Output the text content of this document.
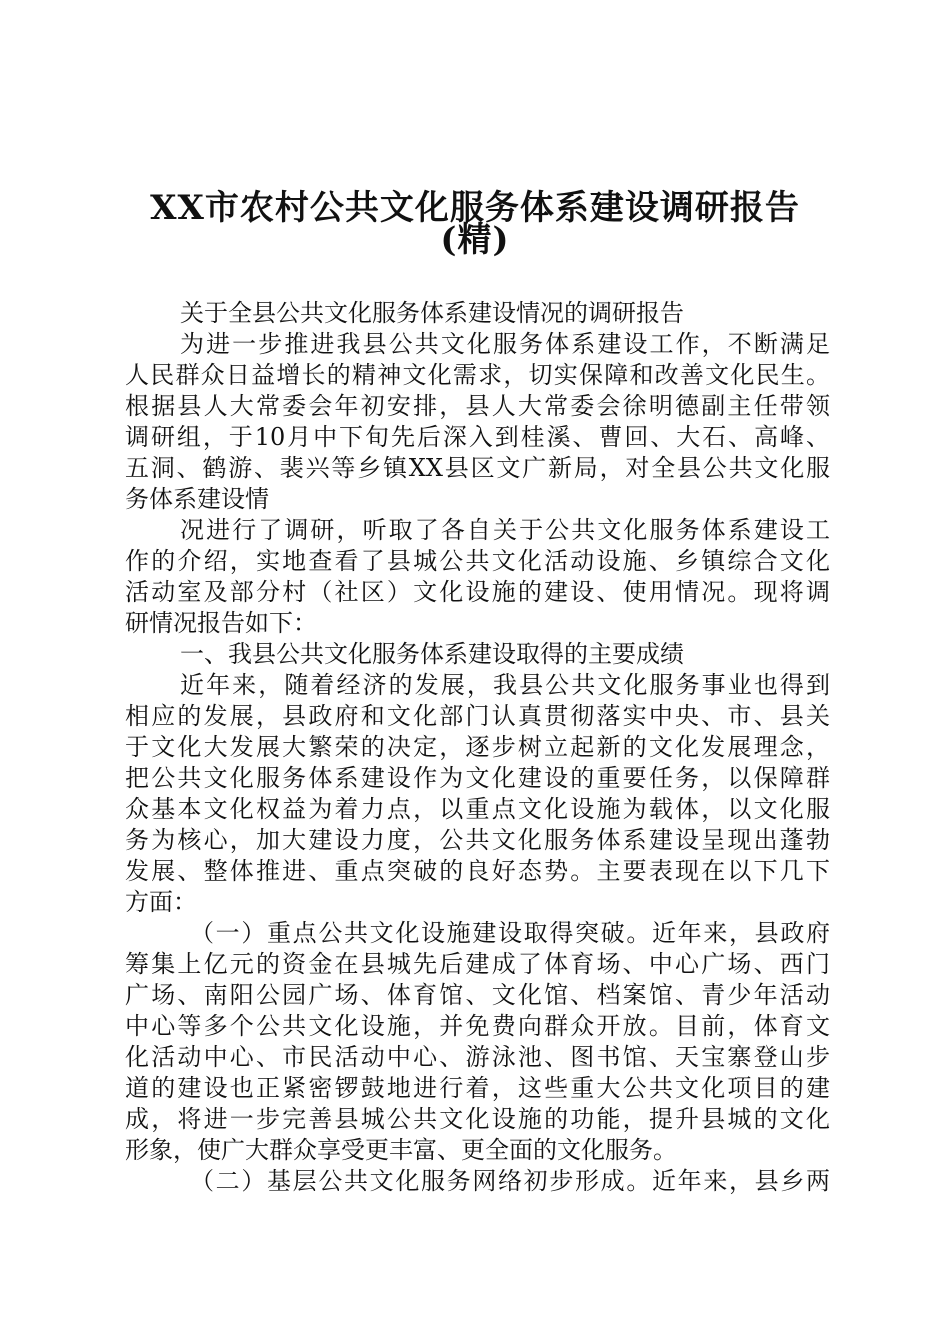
XX市农村公共文化服务体系建设调研报告
(精)
关于全县公共文化服务体系建设情况的调研报告
为进一步推进我县公共文化服务体系建设工作，不断满足
人民群众日益增长的精神文化需求，切实保障和改善文化民生。
根据县人大常委会年初安排，县人大常委会徐明德副主任带领
调研组，于10月中下旬先后深入到桂溪、曹回、大石、高峰、
五洞、鹤游、裴兴等乡镇XX县区文广新局，对全县公共文化服
务体系建设情
况进行了调研，听取了各自关于公共文化服务体系建设工
作的介绍，实地查看了县城公共文化活动设施、乡镇综合文化
活动室及部分村（社区）文化设施的建设、使用情况。现将调
研情况报告如下：
一、我县公共文化服务体系建设取得的主要成绩
近年来，随着经济的发展，我县公共文化服务事业也得到
相应的发展，县政府和文化部门认真贯彻落实中央、市、县关
于文化大发展大繁荣的决定，逐步树立起新的文化发展理念，
把公共文化服务体系建设作为文化建设的重要任务，以保障群
众基本文化权益为着力点，以重点文化设施为载体，以文化服
务为核心，加大建设力度，公共文化服务体系建设呈现出蓬勃
发展、整体推进、重点突破的良好态势。主要表现在以下几下
方面：
（一）重点公共文化设施建设取得突破。近年来，县政府
筹集上亿元的资金在县城先后建成了体育场、中心广场、西门
广场、南阳公园广场、体育馆、文化馆、档案馆、青少年活动
中心等多个公共文化设施，并免费向群众开放。目前，体育文
化活动中心、市民活动中心、游泳池、图书馆、天宝寨登山步
道的建设也正紧密锣鼓地进行着，这些重大公共文化项目的建
成，将进一步完善县城公共文化设施的功能，提升县城的文化
形象，使广大群众享受更丰富、更全面的文化服务。
（二）基层公共文化服务网络初步形成。近年来，县乡两
